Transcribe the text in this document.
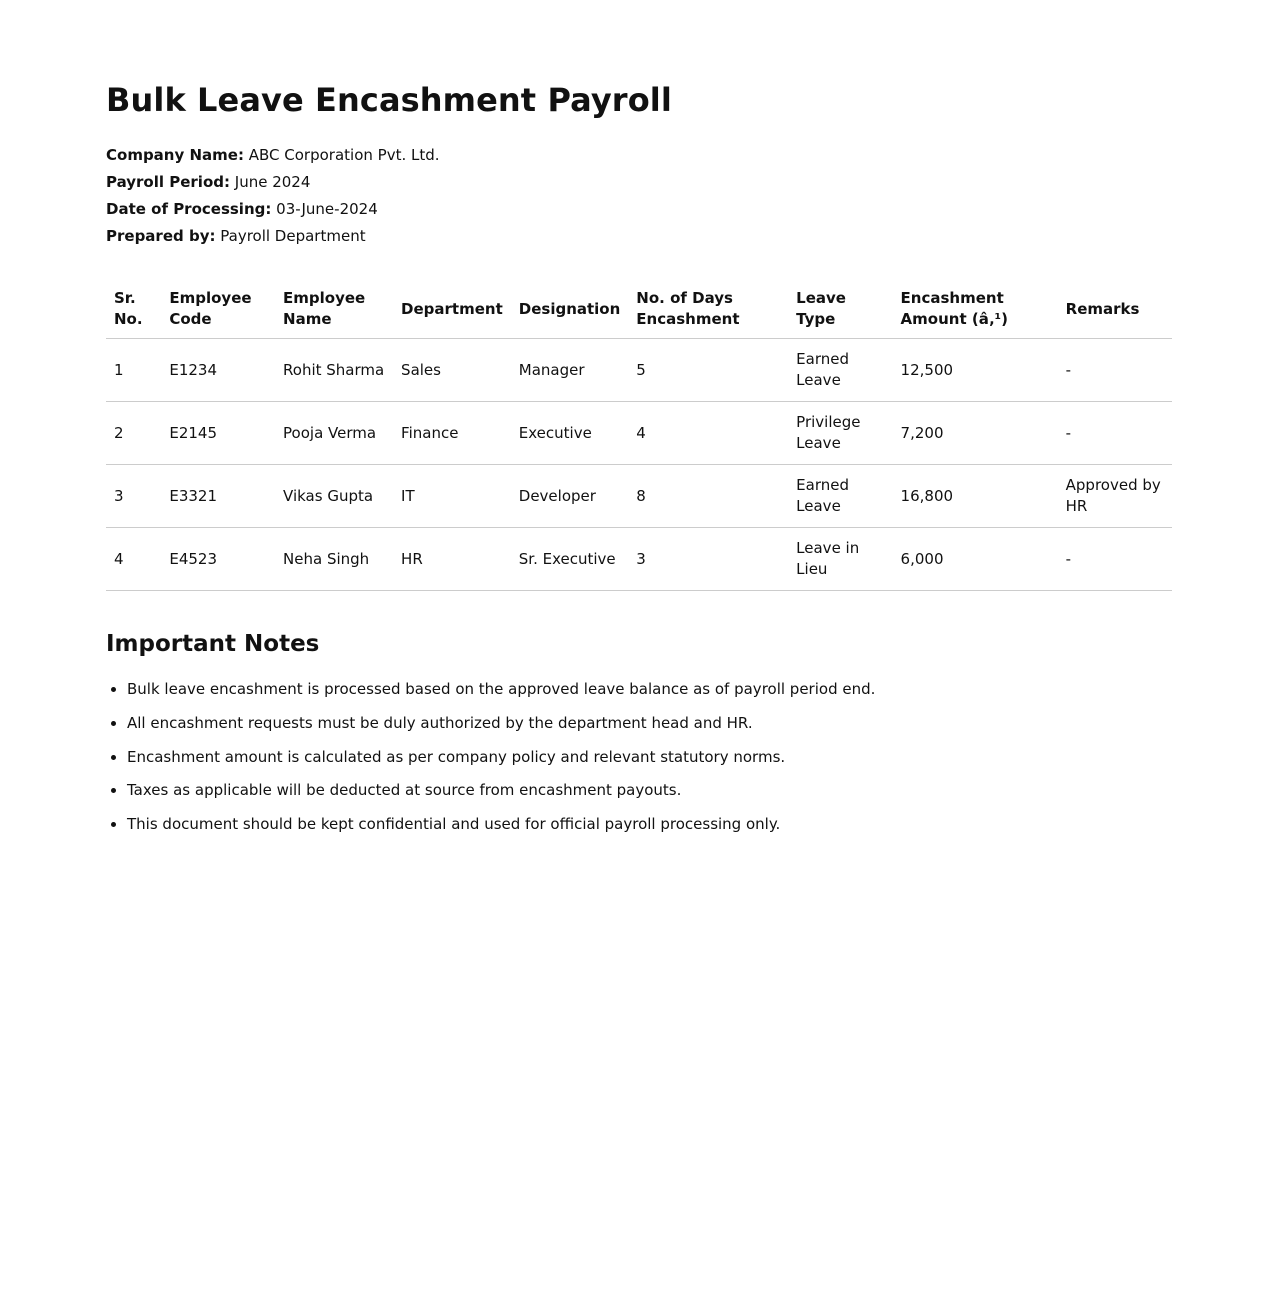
Bulk Leave Encashment Payroll

Company Name: ABC Corporation Pvt. Ltd.

Payroll Period: June 2024

Date of Processing: 03-June-2024

Prepared by: Payroll Department

Sr. No.	Employee Code	Employee Name	Department	Designation	No. of Days Encashment	Leave Type	Encashment Amount (â‚¹)	Remarks
1	E1234	Rohit Sharma	Sales	Manager	5	Earned Leave	12,500	-
2	E2145	Pooja Verma	Finance	Executive	4	Privilege Leave	7,200	-
3	E3321	Vikas Gupta	IT	Developer	8	Earned Leave	16,800	Approved by HR
4	E4523	Neha Singh	HR	Sr. Executive	3	Leave in Lieu	6,000	-
Important Notes
• Bulk leave encashment is processed based on the approved leave balance as of payroll period end.
• All encashment requests must be duly authorized by the department head and HR.
• Encashment amount is calculated as per company policy and relevant statutory norms.
• Taxes as applicable will be deducted at source from encashment payouts.
• This document should be kept confidential and used for official payroll processing only.
